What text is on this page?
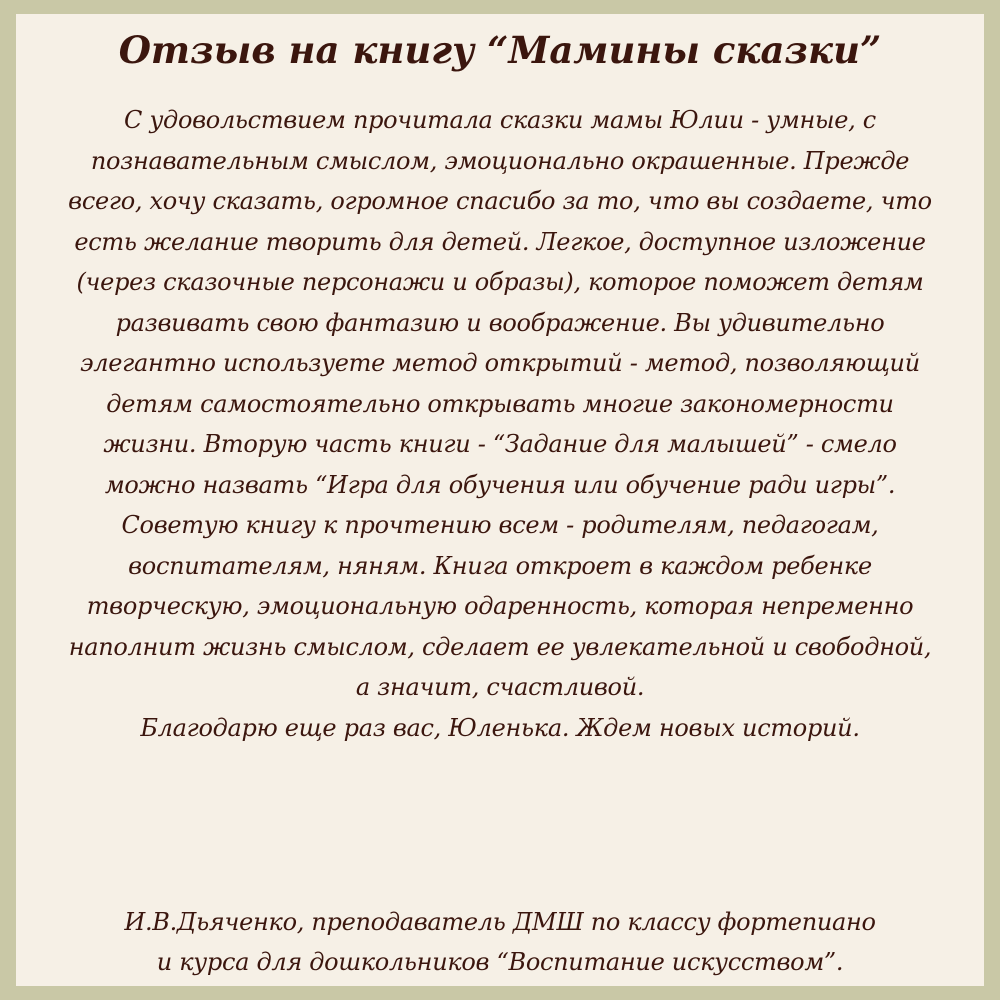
Отзыв на книгу “Мамины сказки”
С удовольствием прочитала сказки мамы Юлии - умные, с
познавательным смыслом, эмоционально окрашенные. Прежде
всего, хочу сказать, огромное спасибо за то, что вы создаете, что
есть желание творить для детей. Легкое, доступное изложение
(через сказочные персонажи и образы), которое поможет детям
развивать свою фантазию и воображение. Вы удивительно
элегантно используете метод открытий - метод, позволяющий
детям самостоятельно открывать многие закономерности
жизни. Вторую часть книги - “Задание для малышей” - смело
можно назвать “Игра для обучения или обучение ради игры”.
Советую книгу к прочтению всем - родителям, педагогам,
воспитателям, няням. Книга откроет в каждом ребенке
творческую, эмоциональную одаренность, которая непременно
наполнит жизнь смыслом, сделает ее увлекательной и свободной,
а значит, счастливой.
Благодарю еще раз вас, Юленька. Ждем новых историй.
И.В.Дьяченко, преподаватель ДМШ по классу фортепиано
и курса для дошкольников “Воспитание искусством”.
